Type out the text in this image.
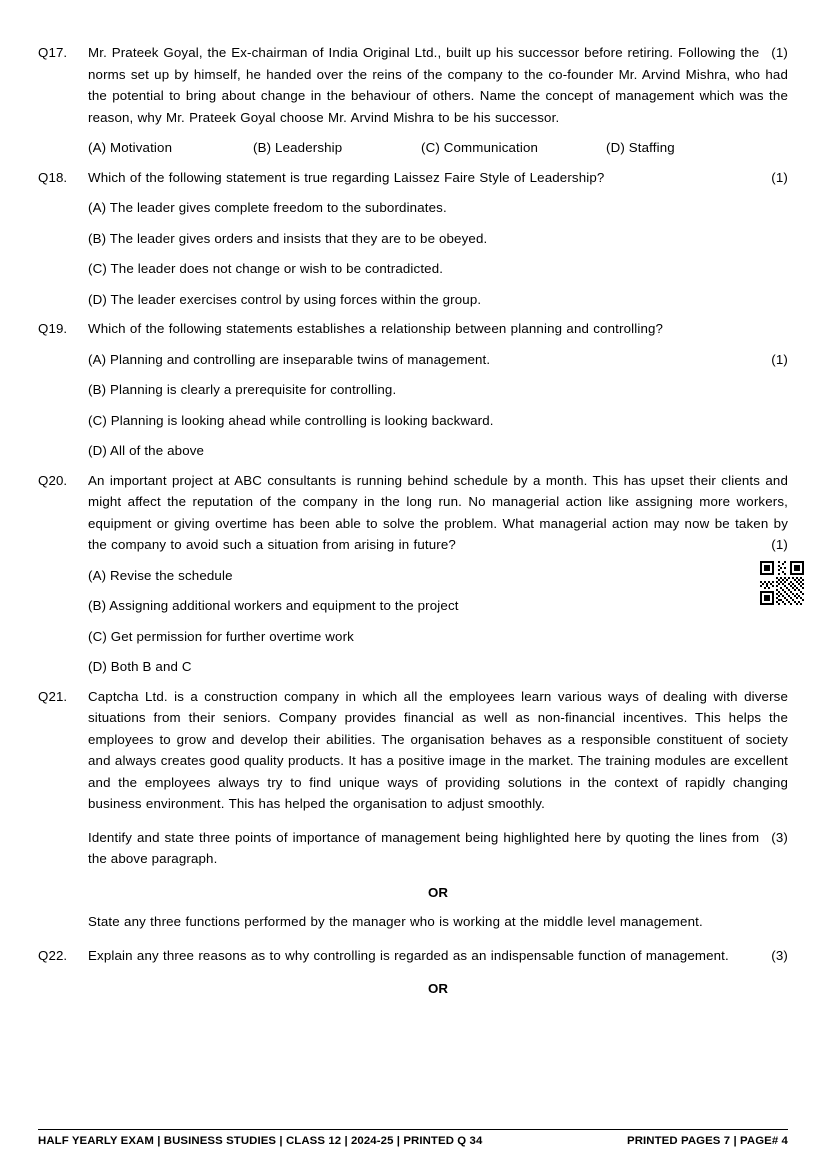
Q17.	(1)
Mr. Prateek Goyal, the Ex-chairman of India Original Ltd., built up his successor before retiring. Following the norms set up by himself, he handed over the reins of the company to the co-founder Mr. Arvind Mishra, who had the potential to bring about change in the behaviour of others. Name the concept of management which was the reason, why Mr. Prateek Goyal choose Mr. Arvind Mishra to be his successor.
(A) Motivation	(B) Leadership	(C) Communication	(D) Staffing
Q18.	Which of the following statement is true regarding Laissez Faire Style of Leadership?	(1)
(A) The leader gives complete freedom to the subordinates.
(B) The leader gives orders and insists that they are to be obeyed.
(C) The leader does not change or wish to be contradicted.
(D) The leader exercises control by using forces within the group.
Q19.	Which of the following statements establishes a relationship between planning and controlling?
(1)
(A) Planning and controlling are inseparable twins of management.
(B) Planning is clearly a prerequisite for controlling.
(C) Planning is looking ahead while controlling is looking backward.
(D) All of the above
Q20.	An important project at ABC consultants is running behind schedule by a month. This has upset their clients and might affect the reputation of the company in the long run. No managerial action like assigning more workers, equipment or giving overtime has been able to solve the problem. What managerial action may now be taken by the company to avoid such a situation from arising in future?	(1)
(A) Revise the schedule
(B) Assigning additional workers and equipment to the project
(C) Get permission for further overtime work
(D) Both B and C
Q21.	Captcha Ltd. is a construction company in which all the employees learn various ways of dealing with diverse situations from their seniors. Company provides financial as well as non-financial incentives. This helps the employees to grow and develop their abilities. The organisation behaves as a responsible constituent of society and always creates good quality products. It has a positive image in the market. The training modules are excellent and the employees always try to find unique ways of providing solutions in the context of rapidly changing business environment. This has helped the organisation to adjust smoothly.
(3)
Identify and state three points of importance of management being highlighted here by quoting the lines from the above paragraph.
OR
State any three functions performed by the manager who is working at the middle level management.
Q22.	(3)
Explain any three reasons as to why controlling is regarded as an indispensable function of management.
OR
HALF YEARLY EXAM | BUSINESS STUDIES | CLASS 12 | 2024-25 | PRINTED Q 34	PRINTED PAGES 7 | PAGE# 4
